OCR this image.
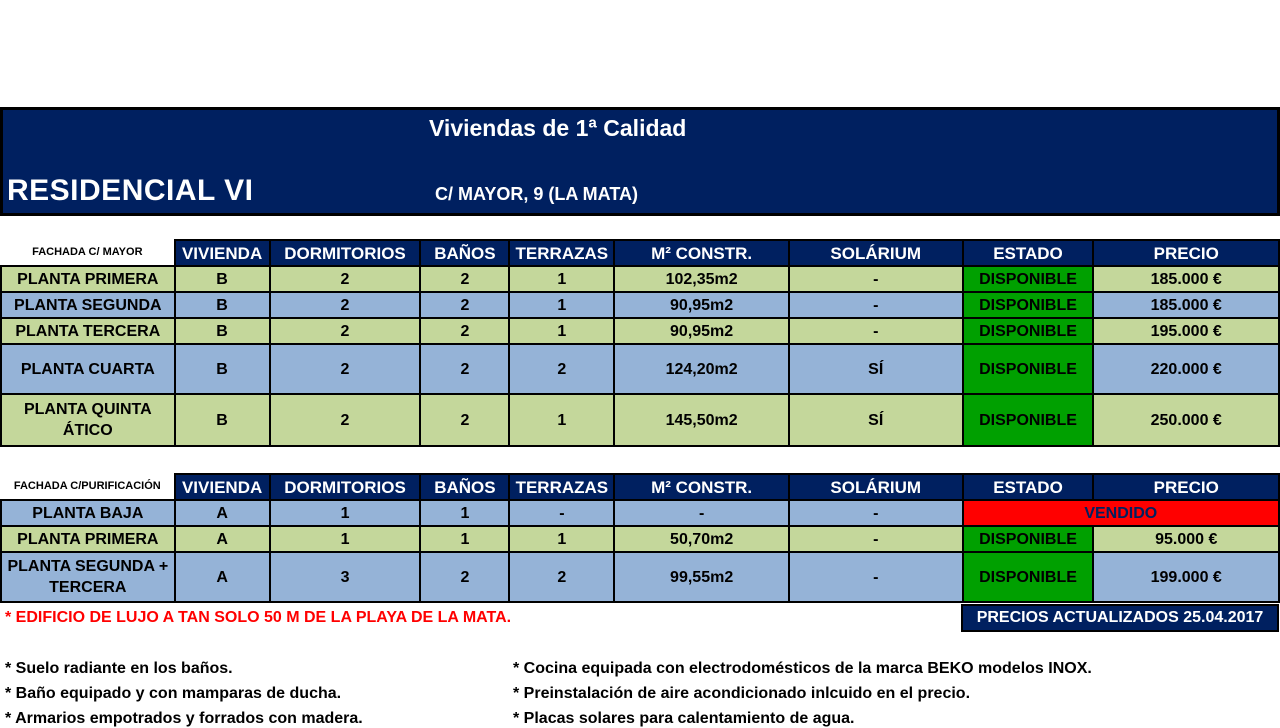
Viviendas de 1ª Calidad
RESIDENCIAL VI	C/ MAYOR, 9 (LA MATA)
FACHADA C/ MAYOR	VIVIENDA	DORMITORIOS	BAÑOS	TERRAZAS	M² CONSTR.	SOLÁRIUM	ESTADO	PRECIO
PLANTA PRIMERA	B	2	2	1	102,35m2	-	DISPONIBLE	185.000 €
PLANTA SEGUNDA	B	2	2	1	90,95m2	-	DISPONIBLE	185.000 €
PLANTA TERCERA	B	2	2	1	90,95m2	-	DISPONIBLE	195.000 €
PLANTA CUARTA	B	2	2	2	124,20m2	SÍ	DISPONIBLE	220.000 €
PLANTA QUINTA ÁTICO	B	2	2	1	145,50m2	SÍ	DISPONIBLE	250.000 €
FACHADA C/PURIFICACIÓN	VIVIENDA	DORMITORIOS	BAÑOS	TERRAZAS	M² CONSTR.	SOLÁRIUM	ESTADO	PRECIO
PLANTA BAJA	A	1	1	-	-	-	VENDIDO	
PLANTA PRIMERA	A	1	1	1	50,70m2	-	DISPONIBLE	95.000 €
PLANTA SEGUNDA + TERCERA	A	3	2	2	99,55m2	-	DISPONIBLE	199.000 €
* EDIFICIO DE LUJO A TAN SOLO 50 M DE LA PLAYA DE LA MATA.	PRECIOS ACTUALIZADOS 25.04.2017
* Suelo radiante en los baños.
* Baño equipado y con mamparas de ducha.
* Armarios empotrados y forrados con madera.
* Cocina equipada con electrodomésticos de la marca BEKO modelos INOX.
* Preinstalación de aire acondicionado inlcuido en el precio.
* Placas solares para calentamiento de agua.
